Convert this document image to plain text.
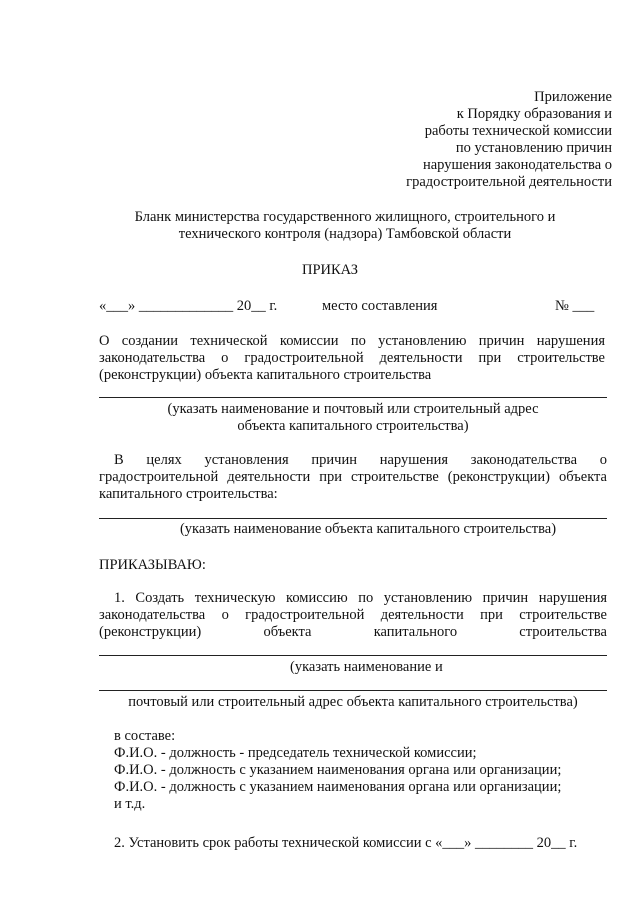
Приложение
к Порядку образования и
работы технической комиссии
по установлению причин
нарушения законодательства о
градостроительной деятельности
Бланк министерства государственного жилищного, строительного и
технического контроля (надзора) Тамбовской области
ПРИКАЗ
«___» _____________ 20__ г.	место составления	№ ___
О создании технической комиссии по установлению причин нарушения
законодательства о градостроительной деятельности при строительстве
(реконструкции) объекта капитального строительства
(указать наименование и почтовый или строительный адрес
объекта капитального строительства)
В целях установления причин нарушения законодательства о
градостроительной деятельности при строительстве (реконструкции) объекта
капитального строительства:
(указать наименование объекта капитального строительства)
ПРИКАЗЫВАЮ:
1. Создать техническую комиссию по установлению причин нарушения
законодательства о градостроительной деятельности при строительстве
(реконструкции) объекта капитального строительства
(указать наименование и
почтовый или строительный адрес объекта капитального строительства)
в составе:
Ф.И.О. - должность - председатель технической комиссии;
Ф.И.О. - должность с указанием наименования органа или организации;
Ф.И.О. - должность с указанием наименования органа или организации;
и т.д.
2. Установить срок работы технической комиссии с «___» ________ 20__ г.
